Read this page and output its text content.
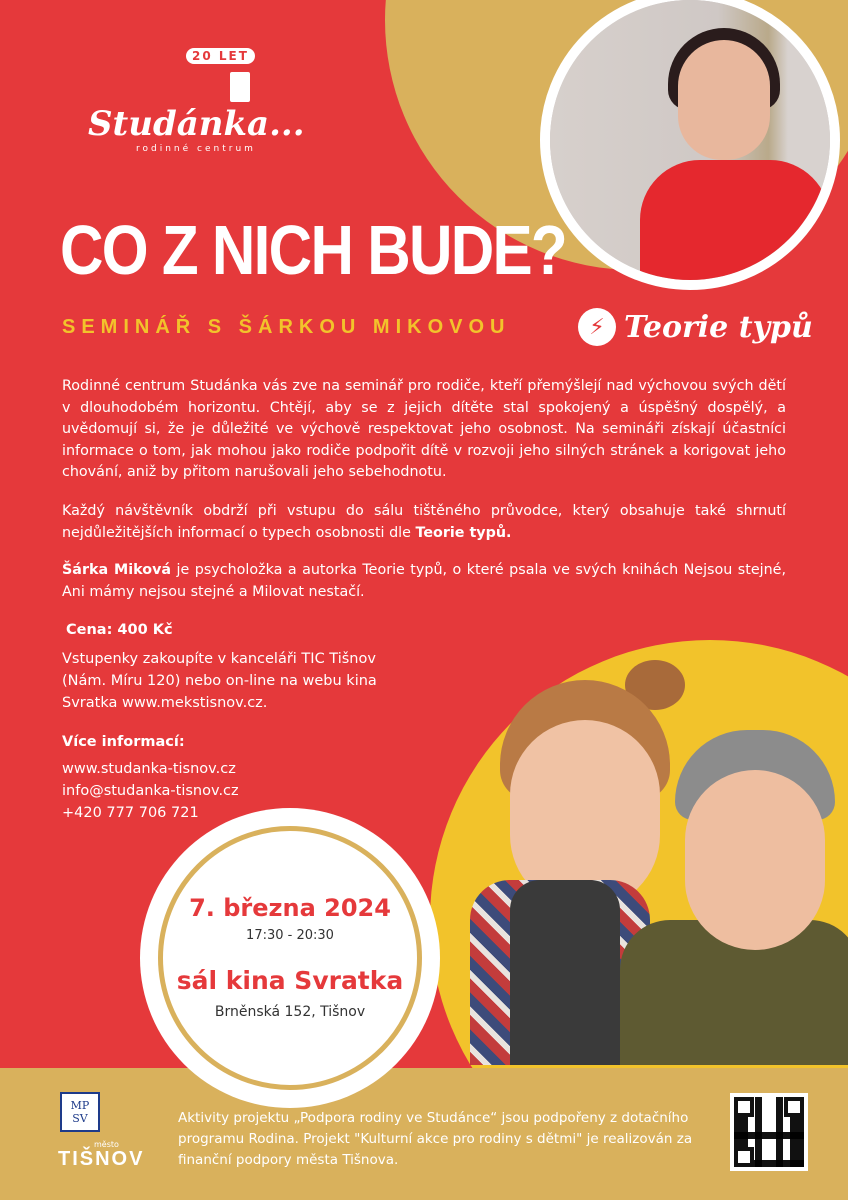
20 LET
Studánka...
rodinné centrum
CO Z NICH BUDE?
SEMINÁŘ S ŠÁRKOU MIKOVOU	⚡ Teorie typů
Rodinné centrum Studánka vás zve na seminář pro rodiče, kteří přemýšlejí nad výchovou svých dětí v dlouhodobém horizontu. Chtějí, aby se z jejich dítěte stal spokojený a úspěšný dospělý, a uvědomují si, že je důležité ve výchově respektovat jeho osobnost. Na semináři získají účastníci informace o tom, jak mohou jako rodiče podpořit dítě v rozvoji jeho silných stránek a korigovat jeho chování, aniž by přitom narušovali jeho sebehodnotu.
Každý návštěvník obdrží při vstupu do sálu tištěného průvodce, který obsahuje také shrnutí nejdůležitějších informací o typech osobnosti dle Teorie typů.
Šárka Miková je psycholožka a autorka Teorie typů, o které psala ve svých knihách Nejsou stejné, Ani mámy nejsou stejné a Milovat nestačí.
Cena: 400 Kč
Vstupenky zakoupíte v kanceláři TIC Tišnov (Nám. Míru 120) nebo on-line na webu kina Svratka www.mekstisnov.cz.
Více informací:
www.studanka-tisnov.cz
info@studanka-tisnov.cz
+420 777 706 721
7. března 2024
17:30 - 20:30
sál kina Svratka
Brněnská 152, Tišnov
MP
SV
město
TIŠNOV
Aktivity projektu „Podpora rodiny ve Studánce“ jsou podpořeny z dotačního programu Rodina. Projekt "Kulturní akce pro rodiny s dětmi" je realizován za finanční podpory města Tišnova.
